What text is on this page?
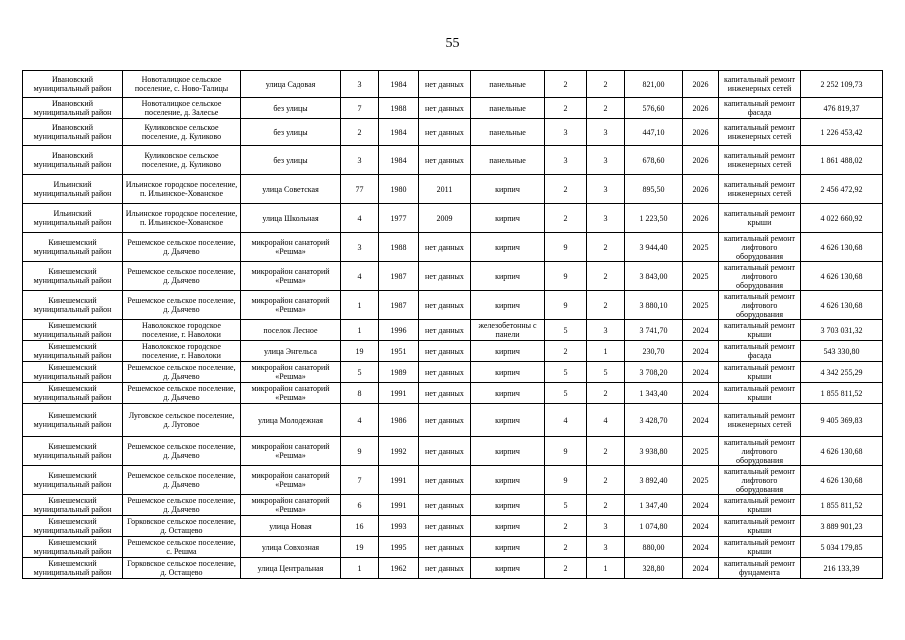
55
Ивановский муниципальный район	Новоталицкое сельское поселение, с. Ново-Талицы	улица Садовая	3	1984	нет данных	панельные	2	2	821,00	2026	капитальный ремонт инженерных сетей	2 252 109,73
Ивановский муниципальный район	Новоталицкое сельское поселение, д. Залесье	без улицы	7	1988	нет данных	панельные	2	2	576,60	2026	капитальный ремонт фасада	476 819,37
Ивановский муниципальный район	Куликовское сельское поселение, д. Куликово	без улицы	2	1984	нет данных	панельные	3	3	447,10	2026	капитальный ремонт инженерных сетей	1 226 453,42
Ивановский муниципальный район	Куликовское сельское поселение, д. Куликово	без улицы	3	1984	нет данных	панельные	3	3	678,60	2026	капитальный ремонт инженерных сетей	1 861 488,02
Ильинский муниципальный район	Ильинское городское поселение, п. Ильинское-Хованское	улица Советская	77	1980	2011	кирпич	2	3	895,50	2026	капитальный ремонт инженерных сетей	2 456 472,92
Ильинский муниципальный район	Ильинское городское поселение, п. Ильинское-Хованское	улица Школьная	4	1977	2009	кирпич	2	3	1 223,50	2026	капитальный ремонт крыши	4 022 660,92
Кинешемский муниципальный район	Решемское сельское поселение, д. Дьячево	микрорайон санаторий «Решма»	3	1988	нет данных	кирпич	9	2	3 944,40	2025	капитальный ремонт лифтового оборудования	4 626 130,68
Кинешемский муниципальный район	Решемское сельское поселение, д. Дьячево	микрорайон санаторий «Решма»	4	1987	нет данных	кирпич	9	2	3 843,00	2025	капитальный ремонт лифтового оборудования	4 626 130,68
Кинешемский муниципальный район	Решемское сельское поселение, д. Дьячево	микрорайон санаторий «Решма»	1	1987	нет данных	кирпич	9	2	3 880,10	2025	капитальный ремонт лифтового оборудования	4 626 130,68
Кинешемский муниципальный район	Наволокское городское поселение, г. Наволоки	поселок Лесное	1	1996	нет данных	железобетонны с панели	5	3	3 741,70	2024	капитальный ремонт крыши	3 703 031,32
Кинешемский муниципальный район	Наволокское городское поселение, г. Наволоки	улица Энгельса	19	1951	нет данных	кирпич	2	1	230,70	2024	капитальный ремонт фасада	543 330,80
Кинешемский муниципальный район	Решемское сельское поселение, д. Дьячево	микрорайон санаторий «Решма»	5	1989	нет данных	кирпич	5	5	3 708,20	2024	капитальный ремонт крыши	4 342 255,29
Кинешемский муниципальный район	Решемское сельское поселение, д. Дьячево	микрорайон санаторий «Решма»	8	1991	нет данных	кирпич	5	2	1 343,40	2024	капитальный ремонт крыши	1 855 811,52
Кинешемский муниципальный район	Луговское сельское поселение, д. Луговое	улица Молодежная	4	1986	нет данных	кирпич	4	4	3 428,70	2024	капитальный ремонт инженерных сетей	9 405 369,83
Кинешемский муниципальный район	Решемское сельское поселение, д. Дьячево	микрорайон санаторий «Решма»	9	1992	нет данных	кирпич	9	2	3 938,80	2025	капитальный ремонт лифтового оборудования	4 626 130,68
Кинешемский муниципальный район	Решемское сельское поселение, д. Дьячево	микрорайон санаторий «Решма»	7	1991	нет данных	кирпич	9	2	3 892,40	2025	капитальный ремонт лифтового оборудования	4 626 130,68
Кинешемский муниципальный район	Решемское сельское поселение, д. Дьячево	микрорайон санаторий «Решма»	6	1991	нет данных	кирпич	5	2	1 347,40	2024	капитальный ремонт крыши	1 855 811,52
Кинешемский муниципальный район	Горковское сельское поселение, д. Остащево	улица Новая	16	1993	нет данных	кирпич	2	3	1 074,80	2024	капитальный ремонт крыши	3 889 901,23
Кинешемский муниципальный район	Решемское сельское поселение, с. Решма	улица Совхозная	19	1995	нет данных	кирпич	2	3	880,00	2024	капитальный ремонт крыши	5 034 179,85
Кинешемский муниципальный район	Горковское сельское поселение, д. Остащево	улица Центральная	1	1962	нет данных	кирпич	2	1	328,80	2024	капитальный ремонт фундамента	216 133,39
